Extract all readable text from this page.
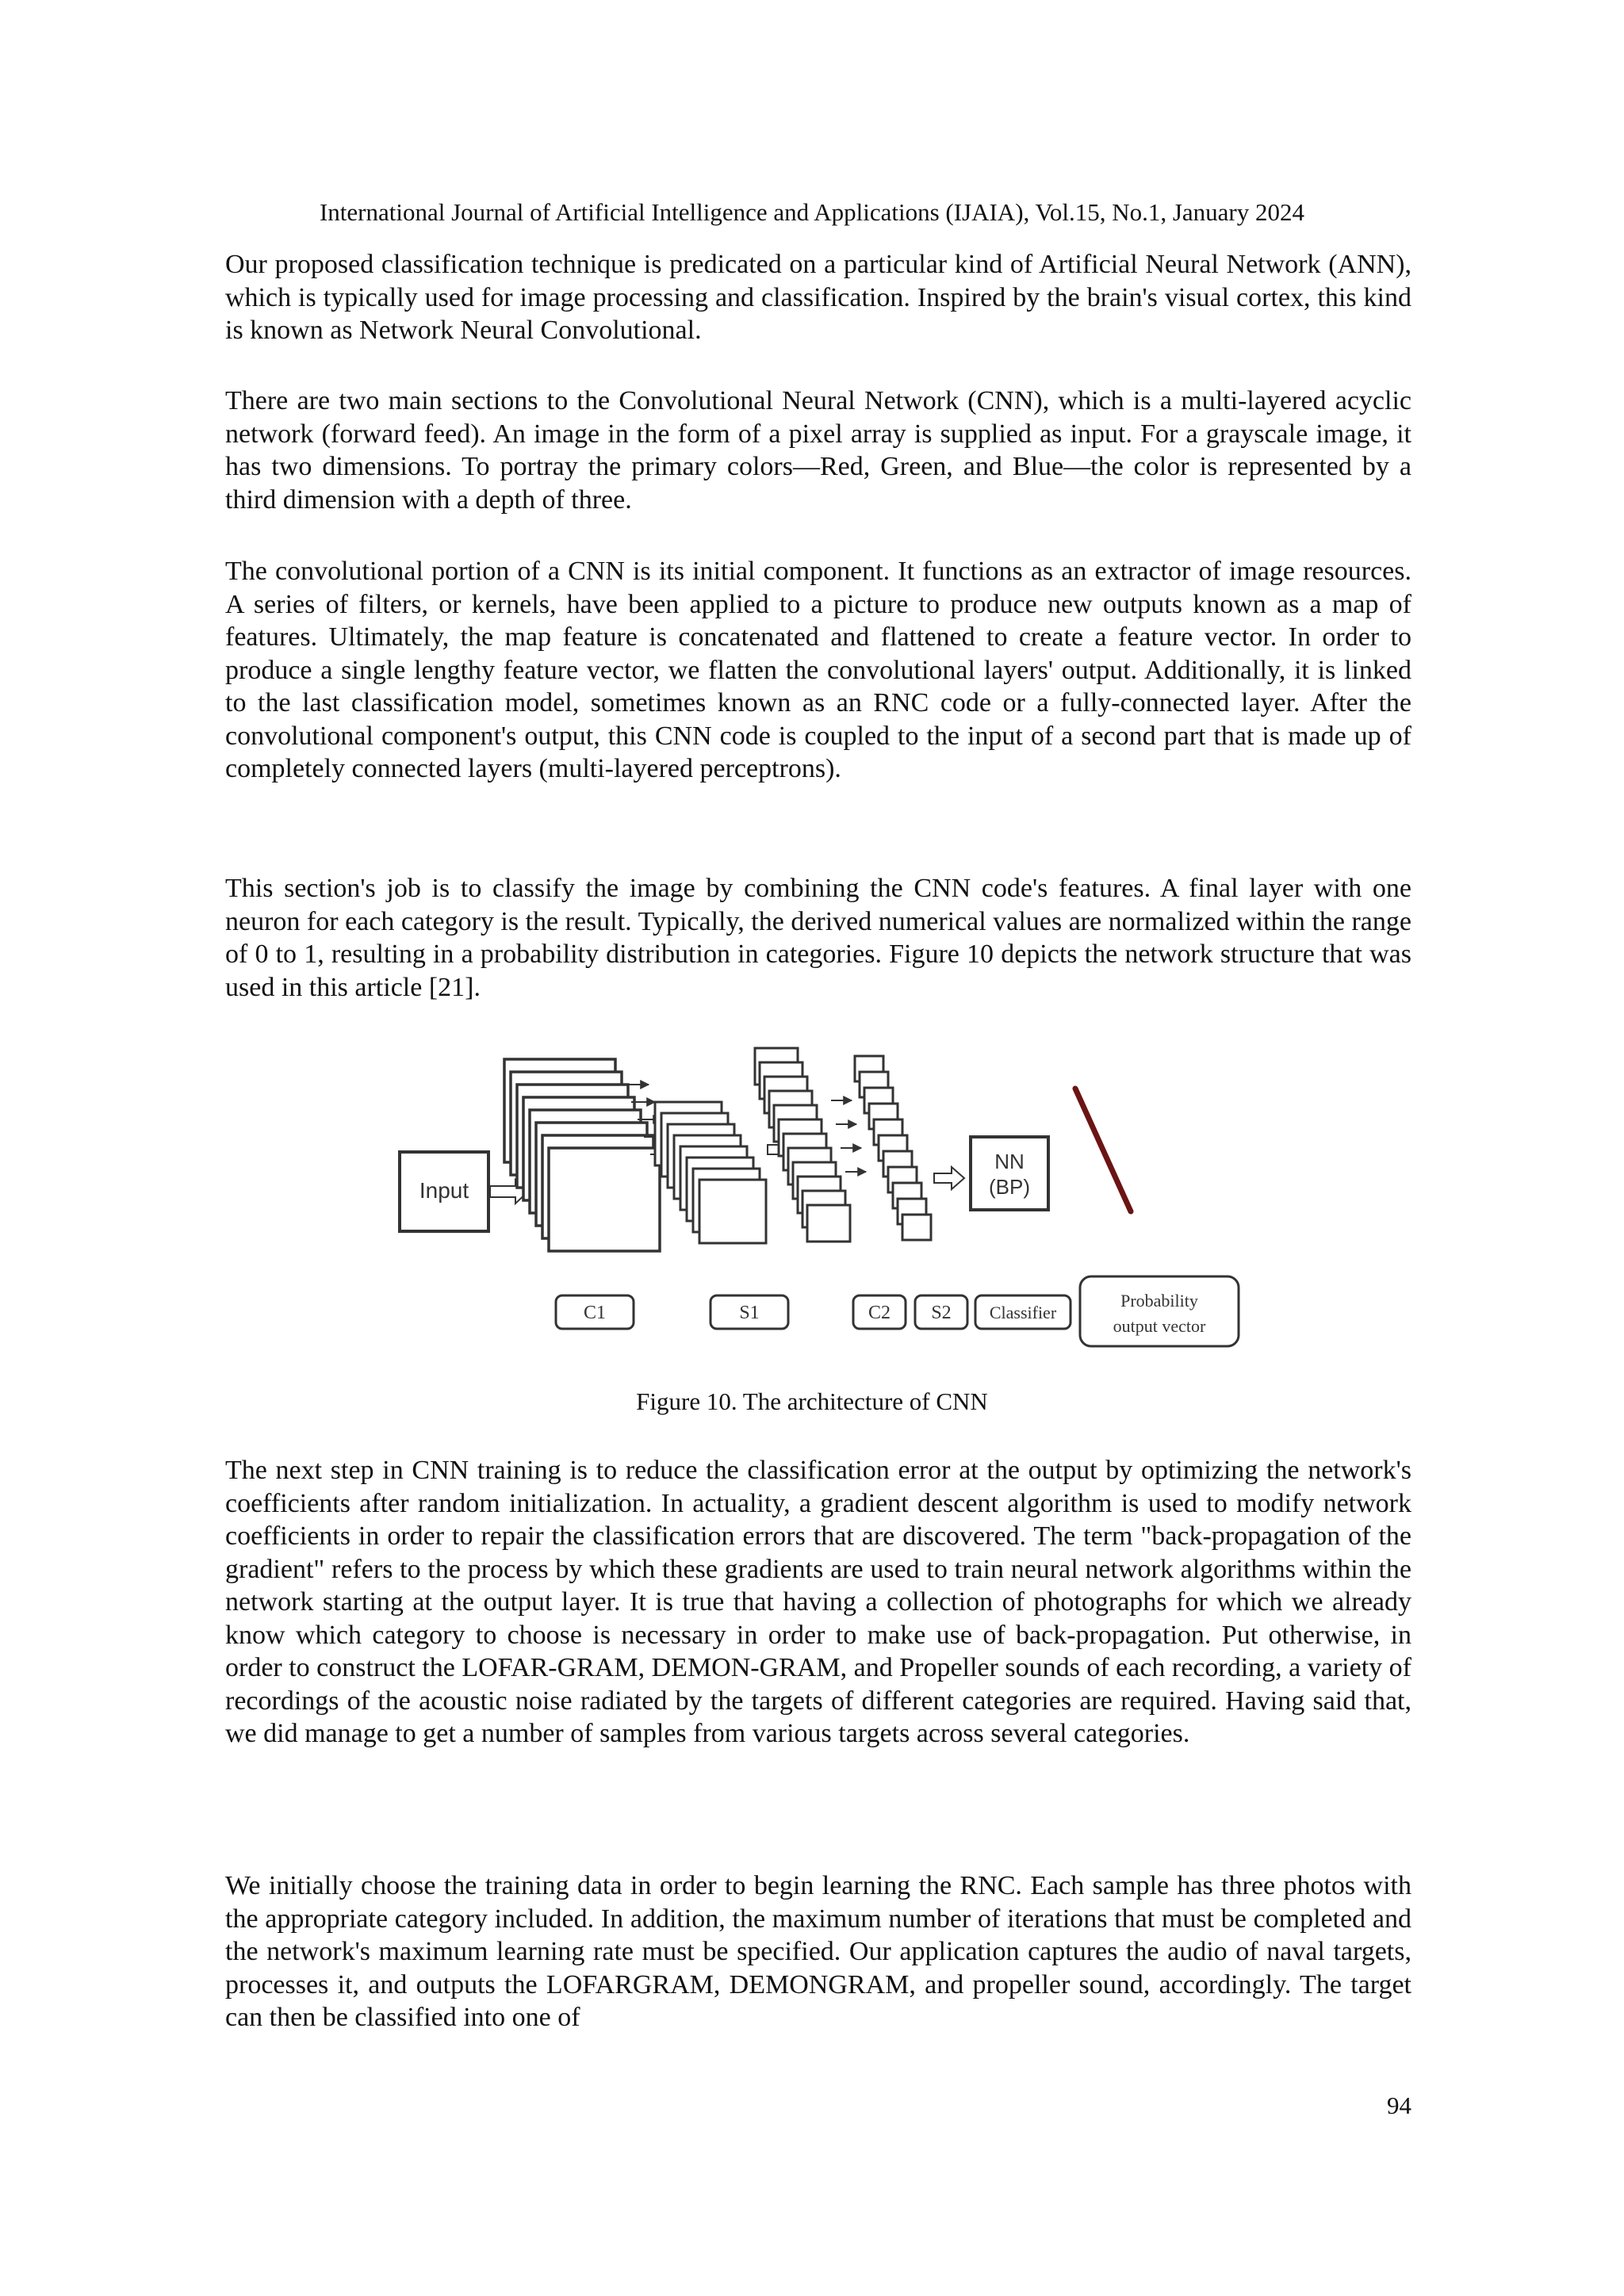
International Journal of Artificial Intelligence and Applications (IJAIA), Vol.15, No.1, January 2024

Our proposed classification technique is predicated on a particular kind of Artificial Neural Network (ANN), which is typically used for image processing and classification. Inspired by the brain's visual cortex, this kind is known as Network Neural Convolutional.

There are two main sections to the Convolutional Neural Network (CNN), which is a multi-layered acyclic network (forward feed). An image in the form of a pixel array is supplied as input. For a grayscale image, it has two dimensions. To portray the primary colors—Red, Green, and Blue—the color is represented by a third dimension with a depth of three.

The convolutional portion of a CNN is its initial component. It functions as an extractor of image resources. A series of filters, or kernels, have been applied to a picture to produce new outputs known as a map of features. Ultimately, the map feature is concatenated and flattened to create a feature vector. In order to produce a single lengthy feature vector, we flatten the convolutional layers' output. Additionally, it is linked to the last classification model, sometimes known as an RNC code or a fully-connected layer. After the convolutional component's output, this CNN code is coupled to the input of a second part that is made up of completely connected layers (multi-layered perceptrons).

This section's job is to classify the image by combining the CNN code's features. A final layer with one neuron for each category is the result. Typically, the derived numerical values are normalized within the range of 0 to 1, resulting in a probability distribution in categories. Figure 10 depicts the network structure that was used in this article [21].

Input
NN
(BP)
C1	S1	C2 S2 Classifier
Probability
output vector
Figure 10. The architecture of CNN

The next step in CNN training is to reduce the classification error at the output by optimizing the network's coefficients after random initialization. In actuality, a gradient descent algorithm is used to modify network coefficients in order to repair the classification errors that are discovered. The term "back-propagation of the gradient" refers to the process by which these gradients are used to train neural network algorithms within the network starting at the output layer. It is true that having a collection of photographs for which we already know which category to choose is necessary in order to make use of back-propagation. Put otherwise, in order to construct the LOFAR-GRAM, DEMON-GRAM, and Propeller sounds of each recording, a variety of recordings of the acoustic noise radiated by the targets of different categories are required. Having said that, we did manage to get a number of samples from various targets across several categories.

We initially choose the training data in order to begin learning the RNC. Each sample has three photos with the appropriate category included. In addition, the maximum number of iterations that must be completed and the network's maximum learning rate must be specified. Our application captures the audio of naval targets, processes it, and outputs the LOFARGRAM, DEMONGRAM, and propeller sound, accordingly. The target can then be classified into one of

94
